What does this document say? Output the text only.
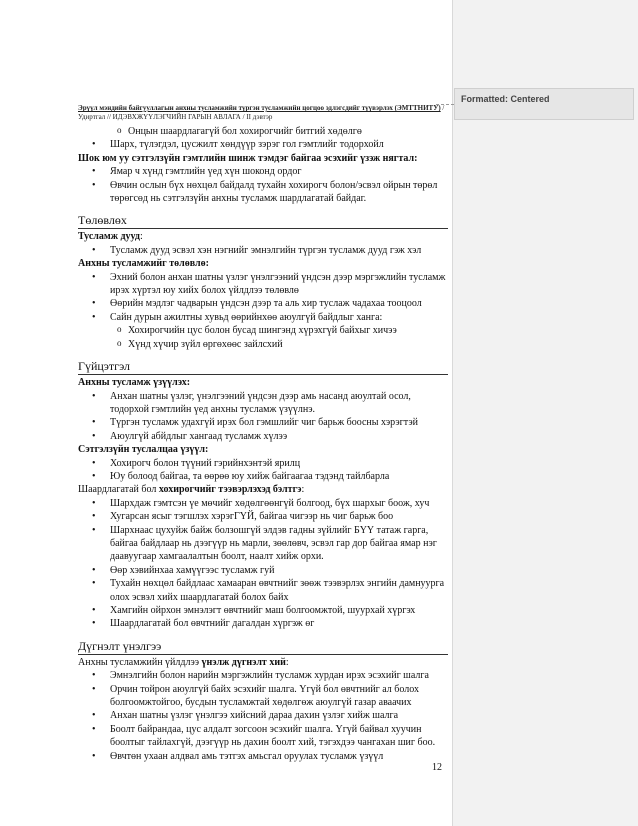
Formatted: Centered
Эрүүл мэндийн байгууллагын анхны тусламжийн түргэн тусламжийн цогцоо эдлэгсдийг түүвэрлэх (ЭМТТНИТУ) / Удиртгал // ИДЭВХЖҮҮЛЭГЧИЙН ГАРЫН АВЛАГА / II дэвтэр
o Онцын шаардлагагүй бол хохирогчийг битгий хөдөлгө
• Шарх, түлэгдэл, цусжилт хөндүүр зэрэг гол гэмтлийг тодорхойл
Шок юм уу сэтгэлзүйн гэмтлийн шинж тэмдэг байгаа эсэхийг үзэж нягтал:
• Ямар ч хүнд гэмтлийн үед хүн шоконд ордог
• Өвчин ослын бүх нөхцөл байдалд тухайн хохирогч болон/эсвэл ойрын төрөл төрөгсөд нь сэтгэлзүйн анхны тусламж шардлагатай байдаг.
Төлөвлөх
Тусламж дууд:
• Тусламж дууд эсвэл хэн нэгнийг эмнэлгийн түргэн тусламж дууд гэж хэл
Анхны тусламжийг төлөвлө:
• Эхний болон анхан шатны үзлэг үнэлгээний үндсэн дээр мэргэжлийн тусламж ирэх хүртэл юу хийх болох үйлдлээ төлөвлө
• Өөрийн мэдлэг чадварын үндсэн дээр та аль хир туслаж чадахаа тооцоол
• Сайн дурын ажилтны хувьд өөрийнхөө аюулгүй байдлыг ханга:
o Хохирогчийн цус болон бусад шингэнд хүрэхгүй байхыг хичээ
o Хүнд хүчир зүйл өргөхөөс зайлсхий
Гүйцэтгэл
Анхны тусламж үзүүлэх:
• Анхан шатны үзлэг, үнэлгээний үндсэн дээр амь насанд аюултай осол, тодорхой гэмтлийн үед анхны тусламж үзүүлнэ.
• Түргэн тусламж удахгүй ирэх бол гэмшлийг чиг барьж боосны хэрэгтэй
• Аюулгүй абйдлыг хангаад тусламж хүлээ
Сэтгэлзүйн туслалцаа үзүүл:
• Хохирогч болон түүний гэрийнхэнтэй ярилц
• Юу болоод байгаа, та өөрөө юу хийж байгаагаа тэдэнд тайлбарла
Шаардлагатай бол хохирогчийг тээвэрлэхэд бэлтгэ:
• Шархдаж гэмтсэн үе мөчийг хөдөлгөөнгүй болгоод, бүх шархыг боож, хуч
• Хугарсан ясыг тэгшлэх хэрэгГҮЙ, байгаа чигээр нь чиг барьж боо
• Шархнаас цухуйж байж болзошгүй элдэв гадны зүйлийг БҮҮ татаж гарга, байгаа байдлаар нь дээгүүр нь марли, зөөлөвч, эсвэл гар дор байгаа ямар нэг даавуугаар хамгаалалтын боолт, наалт хийж орхи.
• Өөр хэвийнхаа хамүүгээс тусламж гуй
• Тухайн нөхцөл байдлаас хамааран өвчтнийг зөөж тээвэрлэх энгийн дамнуурга олох эсвэл хийх шаардлагатай болох байх
• Хамгийн ойрхон эмнэлэгт өвчтнийг маш болгоомжтой, шуурхай хүргэх
• Шаардлагатай бол өвчтнийг дагалдан хүргэж өг
Дүгнэлт үнэлгээ
Анхны тусламжийн үйлдлээ үнэлж дүгнэлт хий:
• Эмнэлгийн болон нарийн мэргэжлийн тусламж хурдан ирэх эсэхийг шалга
• Орчин тойрон аюулгүй байх эсэхийг шалга. Үгүй бол өвчтнийг ал болох болгоомжтойгоо, бусдын тусламжтай хөдөлгөж аюулгүй газар аваачих
• Анхан шатны үзлэг үнэлгээ хийсний дараа дахин үзлэг хийж шалга
• Боолт байрандаа, цус алдалт зогсоон эсэхийг шалга. Үгүй байвал хуучин боолтыг тайлахгүй, дээгүүр нь дахин боолт хий, тэгэхдээ чангахан шиг боо.
• Өвчтөн ухаан алдвал амь тэтгэх амьсгал оруулах тусламж үзүүл
12
